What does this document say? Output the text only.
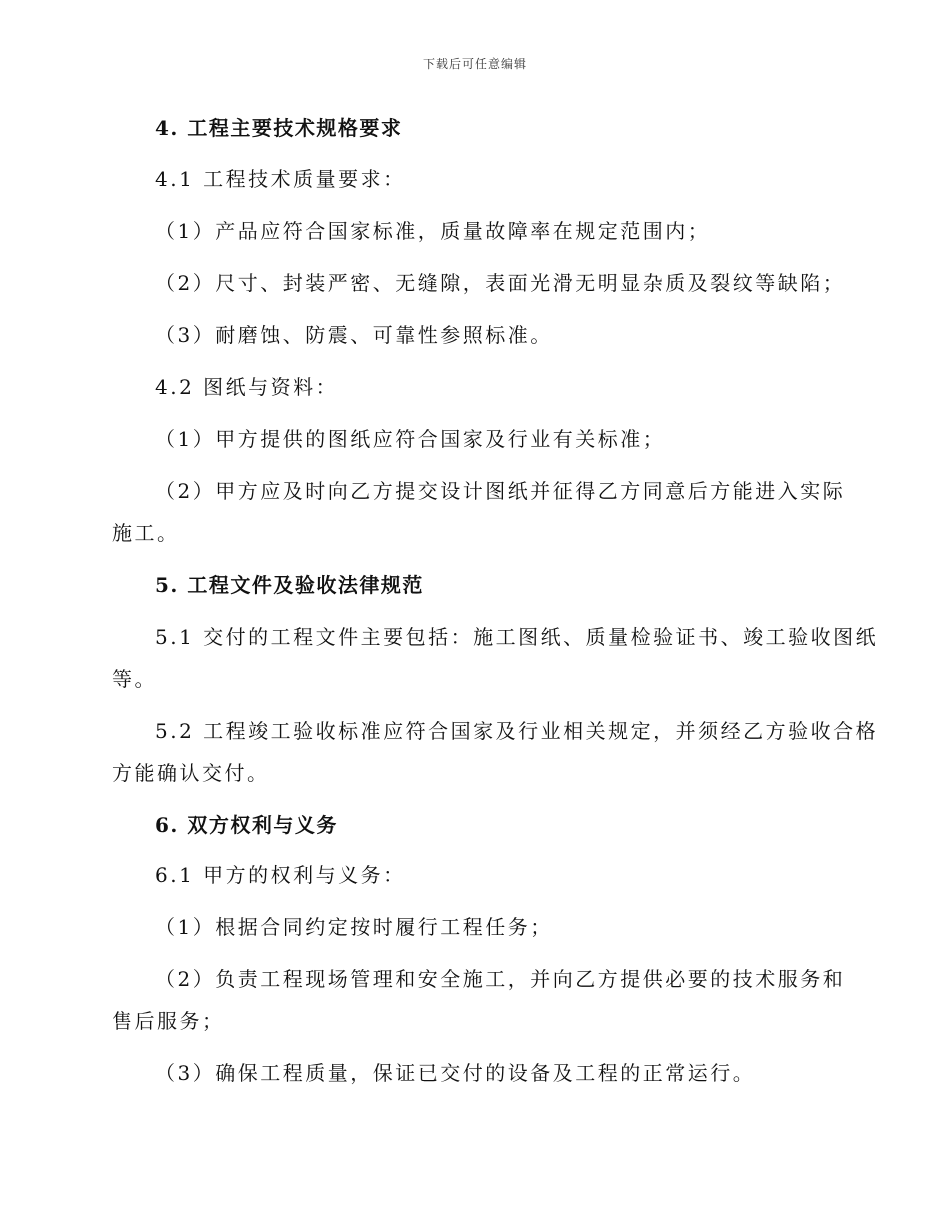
下载后可任意编辑
4. 工程主要技术规格要求
4.1 工程技术质量要求：
（1）产品应符合国家标准，质量故障率在规定范围内；
（2）尺寸、封装严密、无缝隙，表面光滑无明显杂质及裂纹等缺陷；
（3）耐磨蚀、防震、可靠性参照标准。
4.2 图纸与资料：
（1）甲方提供的图纸应符合国家及行业有关标准；
（2）甲方应及时向乙方提交设计图纸并征得乙方同意后方能进入实际
施工。
5. 工程文件及验收法律规范
5.1 交付的工程文件主要包括：施工图纸、质量检验证书、竣工验收图纸
等。
5.2 工程竣工验收标准应符合国家及行业相关规定，并须经乙方验收合格
方能确认交付。
6. 双方权利与义务
6.1 甲方的权利与义务：
（1）根据合同约定按时履行工程任务；
（2）负责工程现场管理和安全施工，并向乙方提供必要的技术服务和
售后服务；
（3）确保工程质量，保证已交付的设备及工程的正常运行。
